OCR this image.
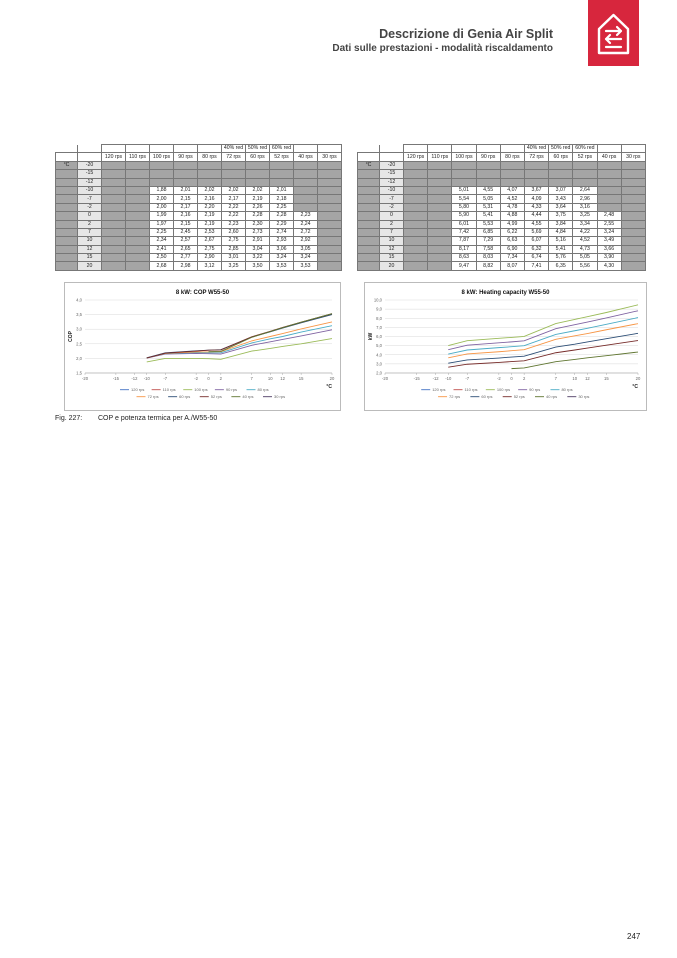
Descrizione di Genia Air Split
Dati sulle prestazioni - modalità riscaldamento
							40% red	50% red	60% red		
		120 rps	110 rps	100 rps	90 rps	80 rps	72 rps	60 rps	52 rps	40 rps	30 rps
°C	-20										
	-15										
	-12										
	-10			1,88	2,01	2,02	2,02	2,02	2,01		
	-7			2,00	2,15	2,16	2,17	2,19	2,18		
	-2			2,00	2,17	2,20	2,22	2,26	2,25		
	0			1,99	2,16	2,19	2,22	2,28	2,28	2,23	
	2			1,97	2,15	2,19	2,23	2,30	2,29	2,24	
	7			2,25	2,45	2,53	2,60	2,73	2,74	2,72	
	10			2,34	2,57	2,67	2,75	2,91	2,93	2,92	
	12			2,41	2,65	2,75	2,85	3,04	3,06	3,05	
	15			2,50	2,77	2,90	3,01	3,22	3,24	3,24	
	20			2,68	2,98	3,12	3,25	3,50	3,53	3,53	
							40% red	50% red	60% red		
		120 rps	110 rps	100 rps	90 rps	80 rps	72 rps	60 rps	52 rps	40 rps	30 rps
°C	-20										
	-15										
	-12										
	-10			5,01	4,55	4,07	3,67	3,07	2,64		
	-7			5,54	5,05	4,52	4,09	3,43	2,96		
	-2			5,80	5,31	4,78	4,33	3,64	3,16		
	0			5,90	5,41	4,88	4,44	3,75	3,25	2,48	
	2			6,01	5,53	4,99	4,55	3,84	3,34	2,55	
	7			7,42	6,85	6,22	5,69	4,84	4,22	3,24	
	10			7,87	7,29	6,63	6,07	5,16	4,52	3,49	
	12			8,17	7,58	6,90	6,32	5,41	4,73	3,66	
	15			8,63	8,03	7,34	6,74	5,76	5,05	3,90	
	20			9,47	8,82	8,07	7,41	6,35	5,56	4,30	
8 kW: COP W55-50
1,5
2,0
2,5
3,0
3,5
4,0
-20	-15	-12 -10	-7	-2 0 2	7	10 12	15	20
COP
°C
120 rps	110 rps	100 rps	90 rps	80 rps
72 rps	60 rps	52 rps	40 rps	30 rps
8 kW: Heating capacity W55-50
2,0
3,0
4,0
5,0
6,0
7,0
8,0
9,0
10,0
-20	-15	-12 -10	-7	-2 0 2	7	10 12	15	20
kW
°C
120 rps	110 rps	100 rps	90 rps	80 rps
72 rps	60 rps	52 rps	40 rps	30 rps
Fig. 227: COP e potenza termica per A./W55-50
247
